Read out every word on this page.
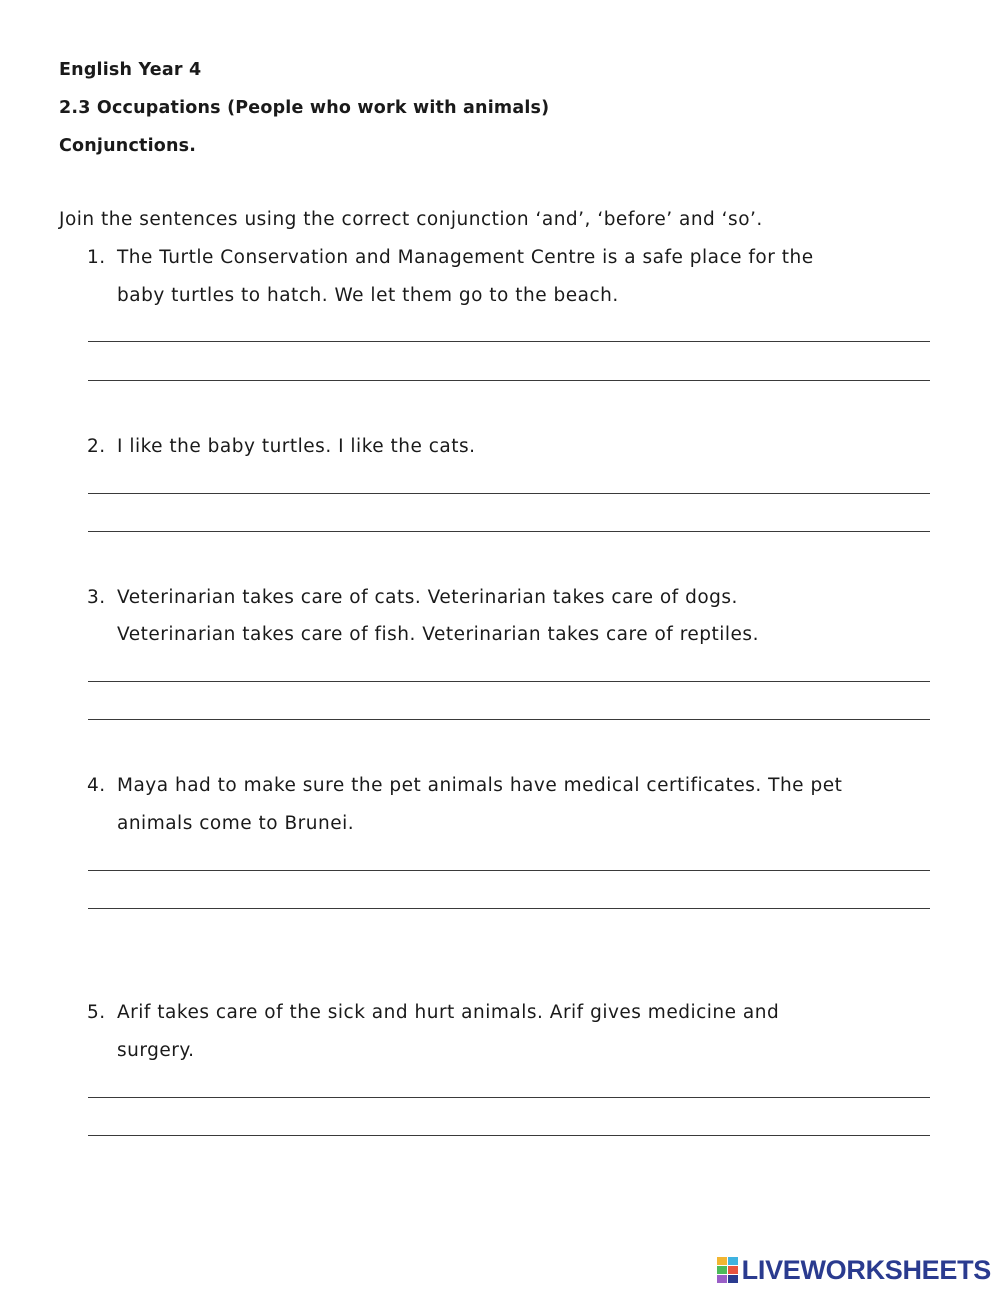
English Year 4
2.3 Occupations (People who work with animals)
Conjunctions.
Join the sentences using the correct conjunction ‘and’, ‘before’ and ‘so’.
1. The Turtle Conservation and Management Centre is a safe place for the
baby turtles to hatch. We let them go to the beach.
2. I like the baby turtles. I like the cats.
3. Veterinarian takes care of cats. Veterinarian takes care of dogs.
Veterinarian takes care of fish. Veterinarian takes care of reptiles.
4. Maya had to make sure the pet animals have medical certificates. The pet
animals come to Brunei.
5. Arif takes care of the sick and hurt animals. Arif gives medicine and
surgery.
LIVEWORKSHEETS
